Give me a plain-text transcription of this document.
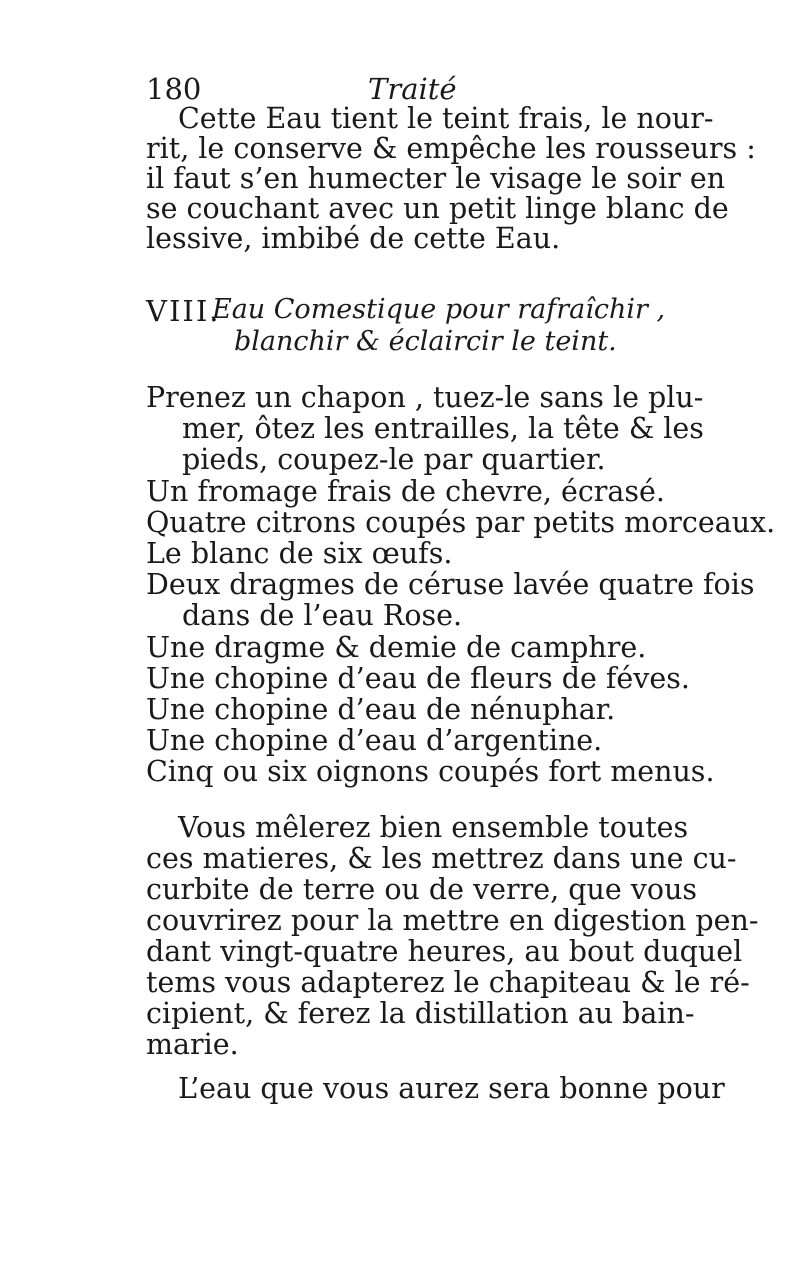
180	Traité
Cette Eau tient le teint frais, le nour-
rit, le conserve & empêche les rousseurs :
il faut s’en humecter le visage le soir en
se couchant avec un petit linge blanc de
lessive, imbibé de cette Eau.
VIII.
Eau Comestique pour rafraîchir ,
blanchir & éclaircir le teint.
Prenez un chapon , tuez-le sans le plu-
mer, ôtez les entrailles, la tête & les
pieds, coupez-le par quartier.
Un fromage frais de chevre, écrasé.
Quatre citrons coupés par petits morceaux.
Le blanc de six œufs.
Deux dragmes de céruse lavée quatre fois
dans de l’eau Rose.
Une dragme & demie de camphre.
Une chopine d’eau de fleurs de féves.
Une chopine d’eau de nénuphar.
Une chopine d’eau d’argentine.
Cinq ou six oignons coupés fort menus.
Vous mêlerez bien ensemble toutes
ces matieres, & les mettrez dans une cu-
curbite de terre ou de verre, que vous
couvrirez pour la mettre en digestion pen-
dant vingt-quatre heures, au bout duquel
tems vous adapterez le chapiteau & le ré-
cipient, & ferez la distillation au bain-
marie.
L’eau que vous aurez sera bonne pour
